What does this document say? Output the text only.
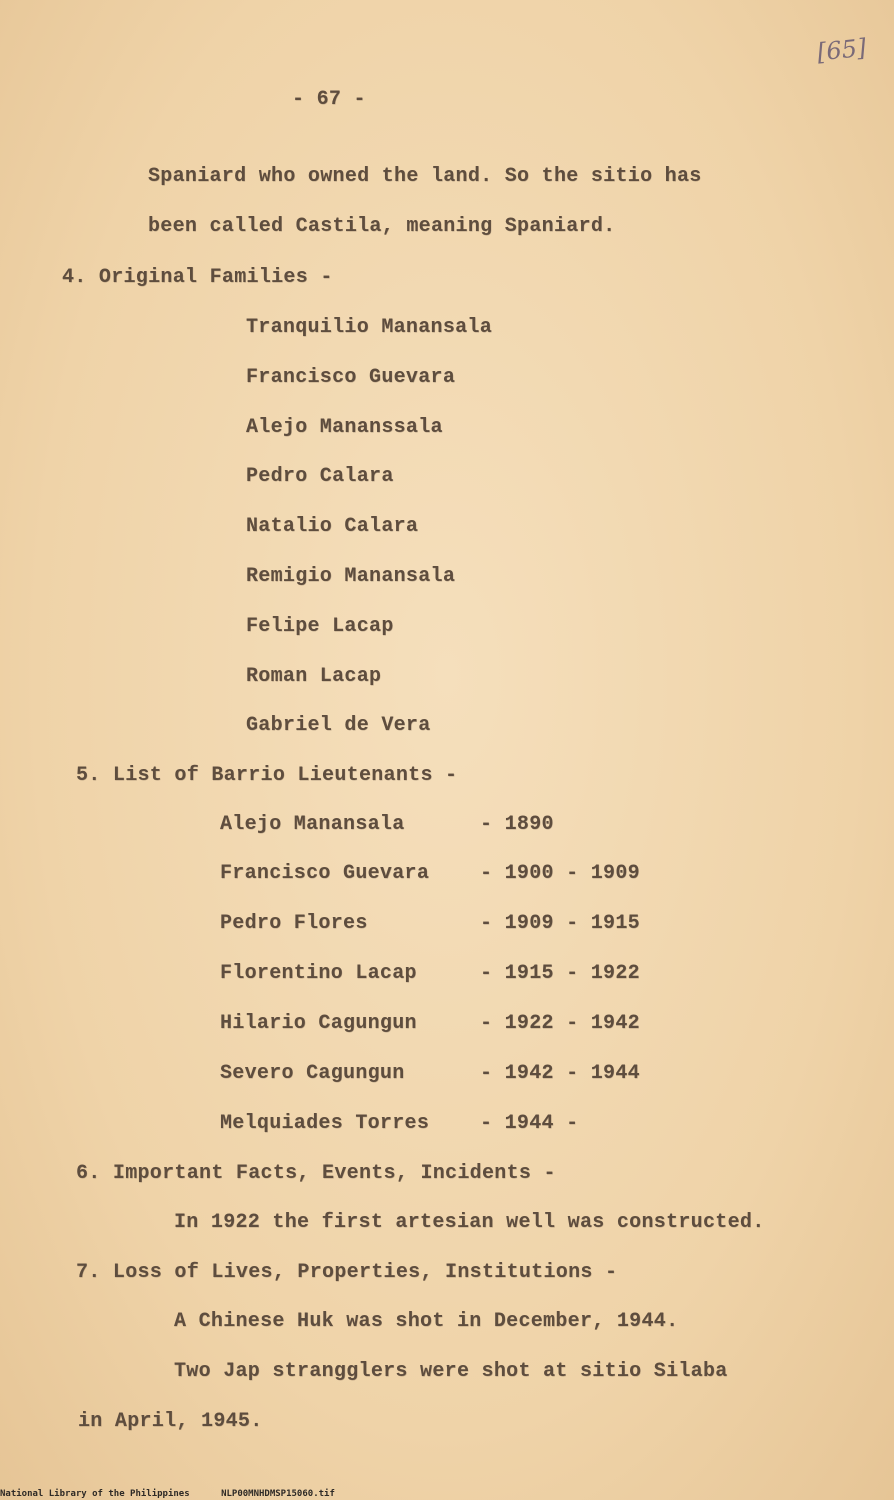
[65]
- 67 -
Spaniard who owned the land. So the sitio has
been called Castila, meaning Spaniard.
4. Original Families -
Tranquilio Manansala
Francisco Guevara
Alejo Mananssala
Pedro Calara
Natalio Calara
Remigio Manansala
Felipe Lacap
Roman Lacap
Gabriel de Vera
5. List of Barrio Lieutenants -
Alejo Manansala	- 1890
Francisco Guevara	- 1900 - 1909
Pedro Flores	- 1909 - 1915
Florentino Lacap	- 1915 - 1922
Hilario Cagungun	- 1922 - 1942
Severo Cagungun	- 1942 - 1944
Melquiades Torres	- 1944 -
6. Important Facts, Events, Incidents -
In 1922 the first artesian well was constructed.
7. Loss of Lives, Properties, Institutions -
A Chinese Huk was shot in December, 1944.
Two Jap strangglers were shot at sitio Silaba
in April, 1945.
National Library of the Philippines	NLP00MNHDMSP15060.tif
